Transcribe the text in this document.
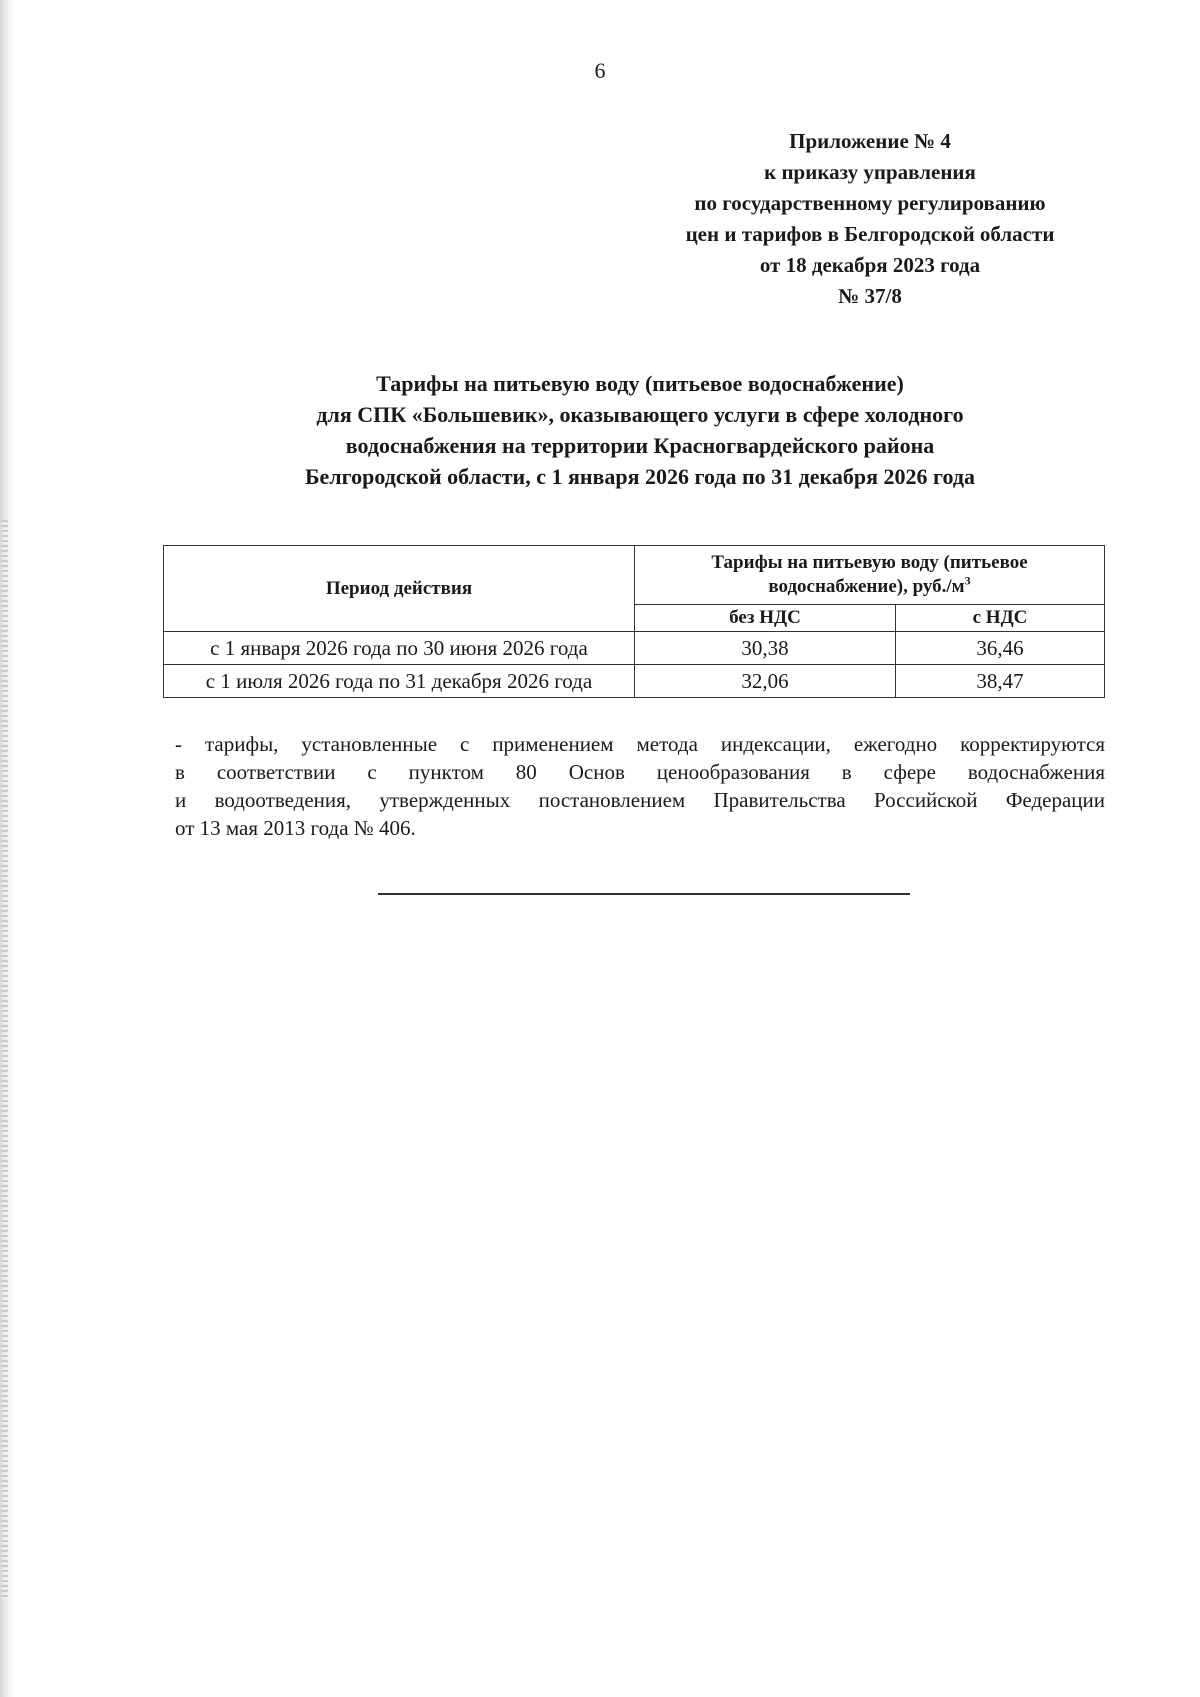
6
Приложение № 4
к приказу управления
по государственному регулированию
цен и тарифов в Белгородской области
от 18 декабря 2023 года
№ 37/8
Тарифы на питьевую воду (питьевое водоснабжение)
для СПК «Большевик», оказывающего услуги в сфере холодного
водоснабжения на территории Красногвардейского района
Белгородской области, с 1 января 2026 года по 31 декабря 2026 года
Период действия	Тарифы на питьевую воду (питьевое
водоснабжение), $руб./м^3$
	без НДС	с НДС
с 1 января 2026 года по 30 июня 2026 года	30,38	36,46
с 1 июля 2026 года по 31 декабря 2026 года	32,06	38,47
- тарифы, установленные с применением метода индексации, ежегодно корректируются
в соответствии с пунктом 80 Основ ценообразования в сфере водоснабжения
и водоотведения, утвержденных постановлением Правительства Российской Федерации
от 13 мая 2013 года № 406.
